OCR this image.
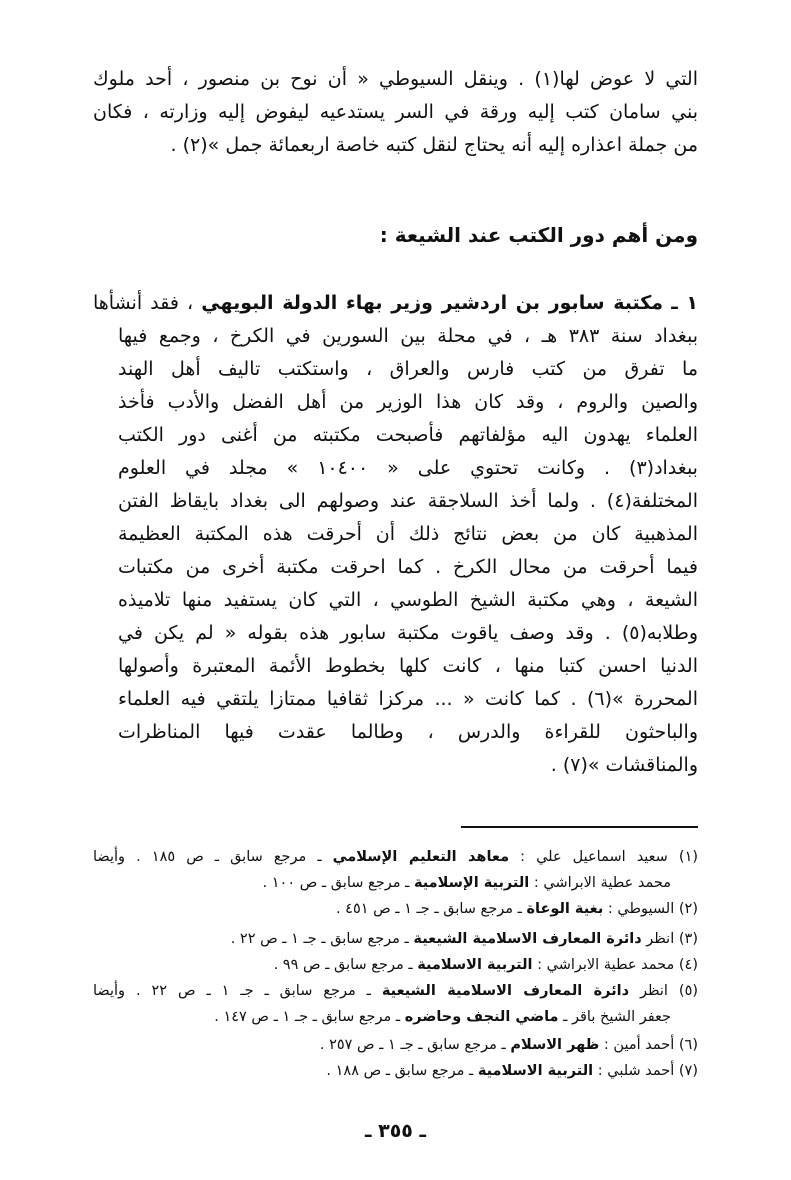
التي لا عوض لها(١) . وينقل السيوطي « أن نوح بن منصور ، أحد ملوك
بني سامان كتب إليه ورقة في السر يستدعيه ليفوض إليه وزارته ، فكان
من جملة اعذاره إليه أنه يحتاج لنقل كتبه خاصة اربعمائة جمل »(٢) .
ومن أهم دور الكتب عند الشيعة :
١ ـ مكتبة سابور بن اردشير وزير بهاء الدولة البويهي ، فقد أنشأها
ببغداد سنة ٣٨٣ هـ ، في محلة بين السورين في الكرخ ، وجمع فيها
ما تفرق من كتب فارس والعراق ، واستكتب تاليف أهل الهند
والصين والروم ، وقد كان هذا الوزير من أهل الفضل والأدب فأخذ
العلماء يهدون اليه مؤلفاتهم فأصبحت مكتبته من أغنى دور الكتب
ببغداد(٣) . وكانت تحتوي على « ١٠٤٠٠ » مجلد في العلوم
المختلفة(٤) . ولما أخذ السلاجقة عند وصولهم الى بغداد بايقاظ الفتن
المذهبية كان من بعض نتائج ذلك أن أحرقت هذه المكتبة العظيمة
فيما أحرقت من محال الكرخ . كما احرقت مكتبة أخرى من مكتبات
الشيعة ، وهي مكتبة الشيخ الطوسي ، التي كان يستفيد منها تلاميذه
وطلابه(٥) . وقد وصف ياقوت مكتبة سابور هذه بقوله « لم يكن في
الدنيا احسن كتبا منها ، كانت كلها بخطوط الأئمة المعتبرة وأصولها
المحررة »(٦) . كما كانت « ... مركزا ثقافيا ممتازا يلتقي فيه العلماء
والباحثون للقراءة والدرس ، وطالما عقدت فيها المناظرات
والمناقشات »(٧) .
(١) سعيد اسماعيل علي : معاهد التعليم الإسلامي ـ مرجع سابق ـ ص ١٨٥ . وأيضا
محمد عطية الابراشي : التربية الإسلامية ـ مرجع سابق ـ ص ١٠٠ .
(٢) السيوطي : بغية الوعاة ـ مرجع سابق ـ جـ ١ ـ ص ٤٥١ .
(٣) انظر دائرة المعارف الاسلامية الشيعية ـ مرجع سابق ـ جـ ١ ـ ص ٢٢ .
(٤) محمد عطية الابراشي : التربية الاسلامية ـ مرجع سابق ـ ص ٩٩ .
(٥) انظر دائرة المعارف الاسلامية الشيعية ـ مرجع سابق ـ جـ ١ ـ ص ٢٢ . وأيضا
جعفر الشيخ باقر ـ ماضي النجف وحاضره ـ مرجع سابق ـ جـ ١ ـ ص ١٤٧ .
(٦) أحمد أمين : ظهر الاسلام ـ مرجع سابق ـ جـ ١ ـ ص ٢٥٧ .
(٧) أحمد شلبي : التربية الاسلامية ـ مرجع سابق ـ ص ١٨٨ .
ـ ٣٥٥ ـ
